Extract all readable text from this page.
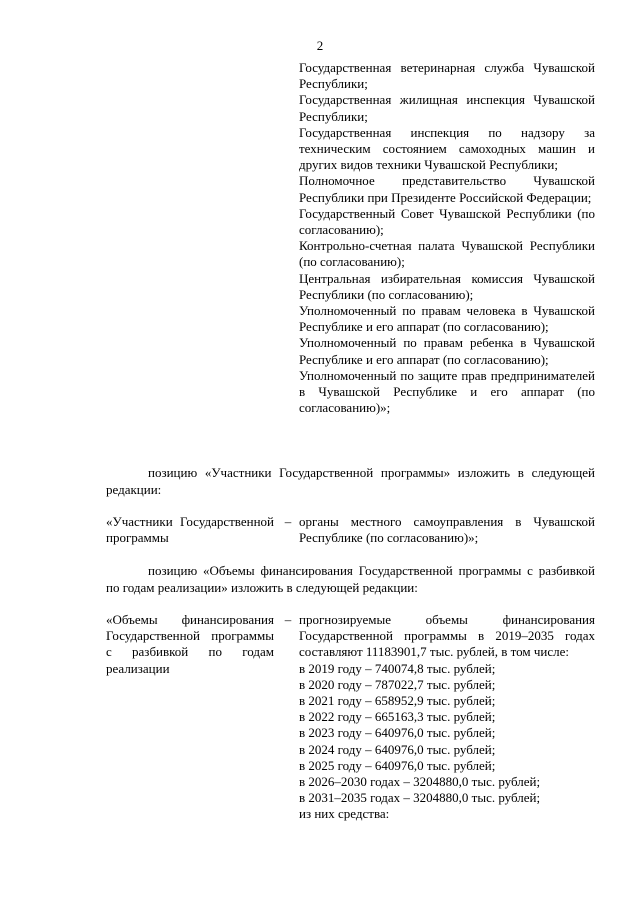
2

Государственная ветеринарная служба Чувашской Республики;

Государственная жилищная инспекция Чувашской Республики;

Государственная инспекция по надзору за техническим состоянием самоходных машин и других видов техники Чувашской Республики;

Полномочное представительство Чувашской Республики при Президенте Российской Федерации;

Государственный Совет Чувашской Республики (по согласованию);

Контрольно-счетная палата Чувашской Республики (по согласованию);

Центральная избирательная комиссия Чувашской Республики (по согласованию);

Уполномоченный по правам человека в Чувашской Республике и его аппарат (по согласованию);

Уполномоченный по правам ребенка в Чувашской Республике и его аппарат (по согласованию);

Уполномоченный по защите прав предпринимателей в Чувашской Республике и его аппарат (по согласованию)»;

позицию «Участники Государственной программы» изложить в следующей редакции:

«Участники Государственной программы
– органы местного самоуправления в Чувашской Республике (по согласованию)»;

позицию «Объемы финансирования Государственной программы с разбивкой по годам реализации» изложить в следующей редакции:

«Объемы финансирования Государственной программы с разбивкой по годам реализации
– прогнозируемые объемы финансирования Государственной программы в 2019–2035 годах составляют 11183901,7 тыс. рублей, в том числе:
в 2019 году – 740074,8 тыс. рублей;
в 2020 году – 787022,7 тыс. рублей;
в 2021 году – 658952,9 тыс. рублей;
в 2022 году – 665163,3 тыс. рублей;
в 2023 году – 640976,0 тыс. рублей;
в 2024 году – 640976,0 тыс. рублей;
в 2025 году – 640976,0 тыс. рублей;
в 2026–2030 годах – 3204880,0 тыс. рублей;
в 2031–2035 годах – 3204880,0 тыс. рублей;
из них средства:
